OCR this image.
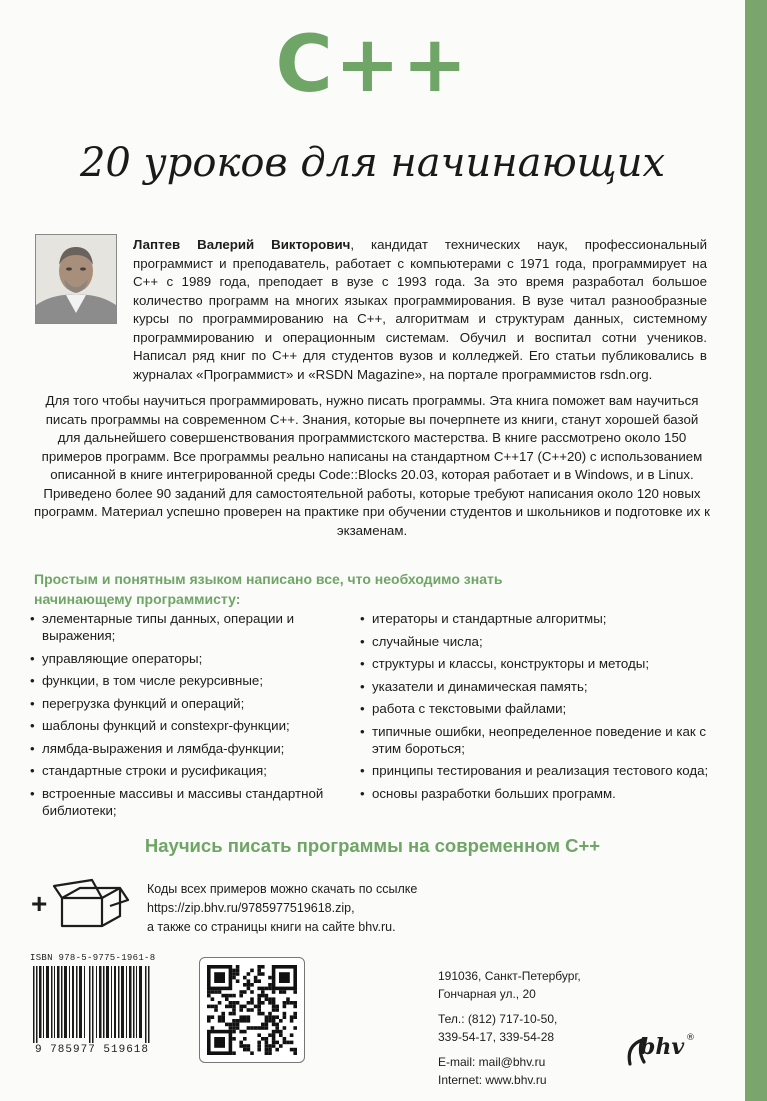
C++
20 уроков для начинающих
Лаптев Валерий Викторович, кандидат технических наук, профессиональный программист и преподаватель, работает с компьютерами с 1971 года, программирует на С++ с 1989 года, преподает в вузе с 1993 года. За это время разработал большое количество программ на многих языках программирования. В вузе читал разнообразные курсы по программированию на С++, алгоритмам и структурам данных, системному программированию и операционным системам. Обучил и воспитал сотни учеников. Написал ряд книг по С++ для студентов вузов и колледжей. Его статьи публиковались в журналах «Программист» и «RSDN Magazine», на портале программистов rsdn.org.
Для того чтобы научиться программировать, нужно писать программы. Эта книга поможет вам научиться писать программы на современном С++. Знания, которые вы почерпнете из книги, станут хорошей базой для дальнейшего совершенствования программистского мастерства. В книге рассмотрено около 150 примеров программ. Все программы реально написаны на стандартном С++17 (С++20) с использованием описанной в книге интегрированной среды Code::Blocks 20.03, которая работает и в Windows, и в Linux. Приведено более 90 заданий для самостоятельной работы, которые требуют написания около 120 новых программ. Материал успешно проверен на практике при обучении студентов и школьников и подготовке их к экзаменам.
Простым и понятным языком написано все, что необходимо знать начинающему программисту:
• элементарные типы данных, операции и выражения;
• управляющие операторы;
• функции, в том числе рекурсивные;
• перегрузка функций и операций;
• шаблоны функций и constexpr-функции;
• лямбда-выражения и лямбда-функции;
• стандартные строки и русификация;
• встроенные массивы и массивы стандартной библиотеки;
• итераторы и стандартные алгоритмы;
• случайные числа;
• структуры и классы, конструкторы и методы;
• указатели и динамическая память;
• работа с текстовыми файлами;
• типичные ошибки, неопределенное поведение и как с этим бороться;
• принципы тестирования и реализация тестового кода;
• основы разработки больших программ.
Научись писать программы на современном С++
+	Коды всех примеров можно скачать по ссылке
https://zip.bhv.ru/9785977519618.zip,
а также со страницы книги на сайте bhv.ru.
ISBN 978-5-9775-1961-8
9 785977 519618
191036, Санкт-Петербург,
Гончарная ул., 20
Тел.: (812) 717-10-50,
339-54-17, 339-54-28
E-mail: mail@bhv.ru
Internet: www.bhv.ru
bhv ®
